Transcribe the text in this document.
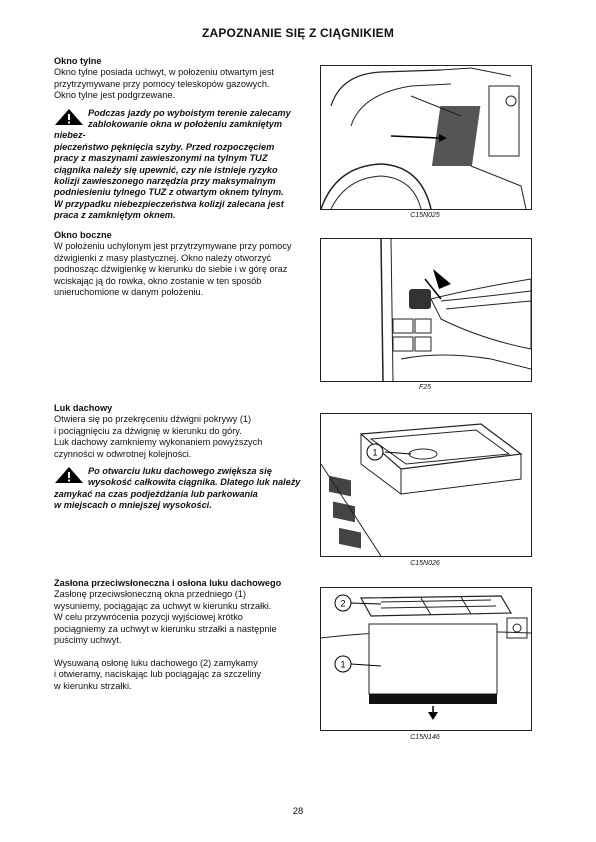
ZAPOZNANIE SIĘ Z CIĄGNIKIEM
Okno tylne

Okno tylne posiada uchwyt, w położeniu otwartym jest
przytrzymywane przy pomocy teleskopów gazowych.
Okno tylne jest podgrzewane.

Podczas jazdy po wyboistym terenie zalecamy
zablokowanie okna w położeniu zamkniętym niebez-
pieczeństwo pęknięcia szyby. Przed rozpoczęciem
pracy z maszynami zawieszonymi na tylnym TUZ
ciągnika należy się upewnić, czy nie istnieje ryzyko
kolizji zawieszonego narzędzia przy maksymalnym
podniesieniu tylnego TUZ z otwartym oknem tylnym.
W przypadku niebezpieczeństwa kolizji zalecana jest
praca z zamkniętym oknem.	C15N025
Okno boczne

W położeniu uchylonym jest przytrzymywane przy pomocy
dźwigienki z masy plastycznej. Okno należy otworzyć
podnosząc dźwigienkę w kierunku do siebie i w górę oraz
wciskając ją do rowka, okno zostanie w ten sposób
unieruchomione w danym położeniu.

F25
Luk dachowy

Otwiera się po przekręceniu dźwigni pokrywy (1)
i pociągnięciu za dźwignię w kierunku do góry.
Luk dachowy zamkniemy wykonaniem powyższych
czynności w odwrotnej kolejności.

Po otwarciu luku dachowego zwiększa się
wysokość całkowita ciągnika. Dlatego luk należy
zamykać na czas podjeżdżania lub parkowania
w miejscach o mniejszej wysokości.

1
C15N026
Zasłona przeciwsłoneczna i osłona luku dachowego

Zasłonę przeciwsłoneczną okna przedniego (1)
wysuniemy, pociągając za uchwyt w kierunku strzałki.
W celu przywrócenia pozycji wyjściowej krótko
pociągniemy za uchwyt w kierunku strzałki a następnie
puścimy uchwyt.

Wysuwaną osłonę luku dachowego (2) zamykamy
i otwieramy, naciskając lub pociągając za szczeliny
w kierunku strzałki.

2
1
C15N146
28
